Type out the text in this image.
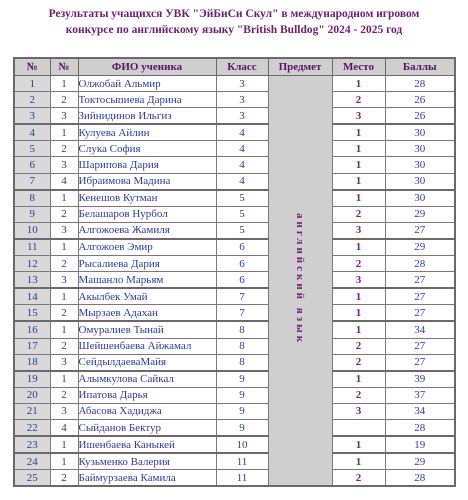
Результаты учащихся УВК "ЭйБиСи Скул" в международном игровом
конкурсе по английскому языку "British Bulldog" 2024 - 2025 год
№	№	ФИО ученика	Класс	Предмет	Место	Баллы
1	1	Олжобай Альмир	3	английский язык	1	28
2	2	Токтосыпиева Дарина	3		2	26
3	3	Зийнидинов Ильгиз	3		3	26
4	1	Кулуева Айлин	4		1	30
5	2	Слука София	4		1	30
6	3	Шарипова Дария	4		1	30
7	4	Ибраимова Мадина	4		1	30
8	1	Кенешов Кутман	5		1	30
9	2	Белашаров Нурбол	5		2	29
10	3	Алгожоева Жамиля	5		3	27
11	1	Алгожоев Эмир	6		1	29
12	2	Рысалиева Дария	6		2	28
13	3	Машанло Марьям	6		3	27
14	1	Акылбек Умай	7		1	27
15	2	Мырзаев Адахан	7		1	27
16	1	Омуралиев Тынай	8		1	34
17	2	Шейшенбаева Айжамал	8		2	27
18	3	СейдылдаеваМайя	8		2	27
19	1	Алымкулова Сайкал	9		1	39
20	2	Ипатова Дарья	9		2	37
21	3	Абасова Хадиджа	9		3	34
22	4	Сыйданов Бектур	9			28
23	1	Ишенбаева Каныкей	10		1	19
24	1	Кузьменко Валерия	11		1	29
25	2	Баймурзаева Камила	11		2	28
